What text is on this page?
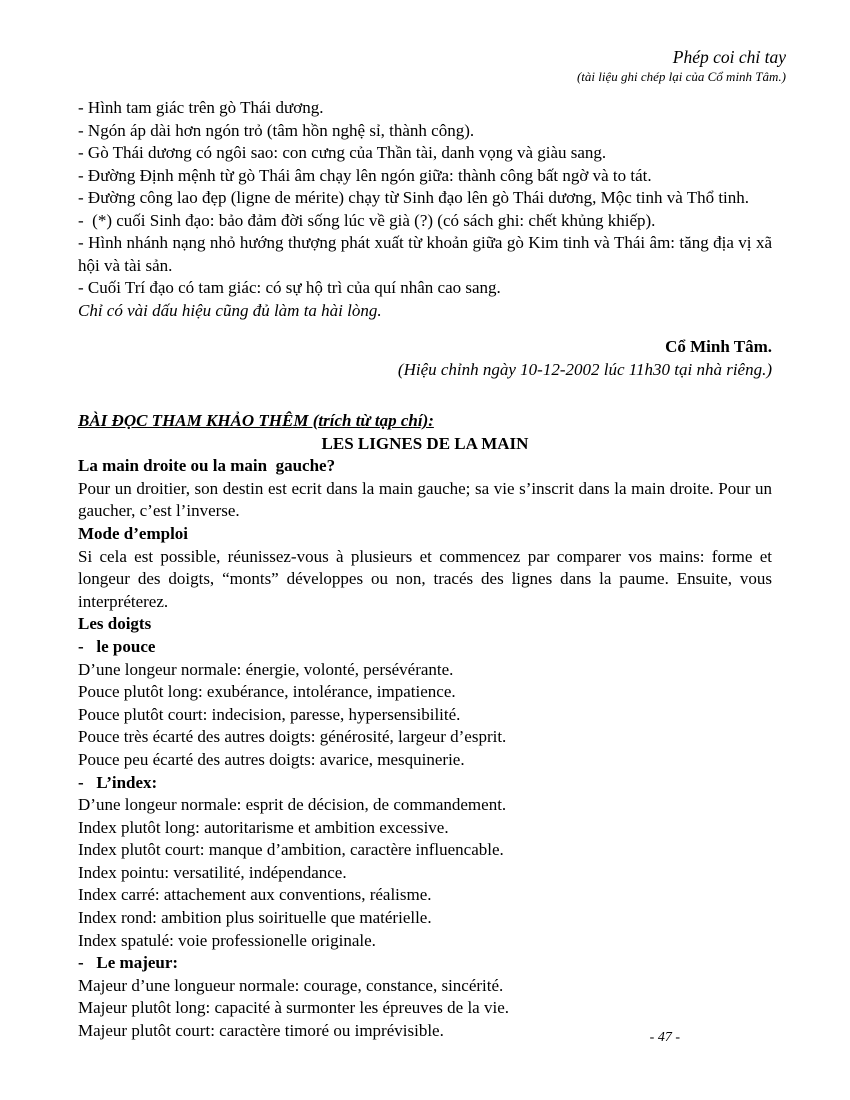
Phép coi chỉ tay

(tài liệu ghi chép lại của Cổ minh Tâm.)

- Hình tam giác trên gò Thái dương.

- Ngón áp dài hơn ngón trỏ (tâm hồn nghệ sỉ, thành công).

- Gò Thái dương có ngôi sao: con cưng của Thần tài, danh vọng và giàu sang.

- Đường Định mệnh từ gò Thái âm chạy lên ngón giữa: thành công bất ngờ và to tát.

- Đường công lao đẹp (ligne de mérite) chạy từ Sinh đạo lên gò Thái dương, Mộc tinh và Thổ tinh.

-  (*) cuối Sinh đạo: bảo đảm đời sống lúc về già (?) (có sách ghi: chết khủng khiếp).

- Hình nhánh nạng nhỏ hướng thượng phát xuất từ khoản giữa gò Kim tinh và Thái âm: tăng địa vị xã hội và tài sản.

- Cuối Trí đạo có tam giác: có sự hộ trì của quí nhân cao sang.

Chỉ có vài dấu hiệu cũng đủ làm ta hài lòng.

Cổ Minh Tâm.

(Hiệu chỉnh ngày 10-12-2002 lúc 11h30 tại nhà riêng.)

BÀI ĐỌC THAM KHẢO THÊM (trích từ tạp chí):
LES LIGNES DE LA MAIN

La main droite ou la main  gauche?

Pour un droitier, son destin est ecrit dans la main gauche; sa vie s’inscrit dans la main droite. Pour un gaucher, c’est l’inverse.

Mode d’emploi

Si cela est possible, réunissez-vous à plusieurs et commencez par comparer vos mains: forme et longeur des doigts, “monts” développes ou non, tracés des lignes dans la paume. Ensuite, vous interpréterez.

Les doigts

-   le pouce

D’une longeur normale: énergie, volonté, persévérante.

Pouce plutôt long: exubérance, intolérance, impatience.

Pouce plutôt court: indecision, paresse, hypersensibilité.

Pouce très écarté des autres doigts: générosité, largeur d’esprit.

Pouce peu écarté des autres doigts: avarice, mesquinerie.

-   L’index:

D’une longeur normale: esprit de décision, de commandement.

Index plutôt long: autoritarisme et ambition excessive.

Index plutôt court: manque d’ambition, caractère influencable.

Index pointu: versatilité, indépendance.

Index carré: attachement aux conventions, réalisme.

Index rond: ambition plus soirituelle que matérielle.

Index spatulé: voie professionelle originale.

-   Le majeur:

Majeur d’une longueur normale: courage, constance, sincérité.

Majeur plutôt long: capacité à surmonter les épreuves de la vie.

Majeur plutôt court: caractère timoré ou imprévisible.	- 47 -
